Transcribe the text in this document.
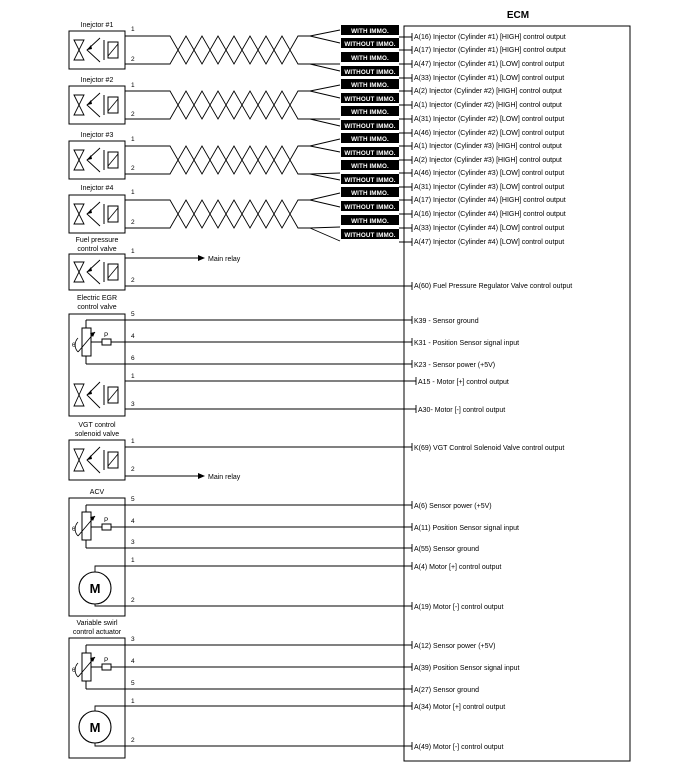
ECM
Inejctor #1
1
2
Inejctor #2
1
2
Inejctor #3
1
2
Inejctor #4
1
2
WITH IMMO.
WITHOUT IMMO.
WITH IMMO.
WITHOUT IMMO.
WITH IMMO.
WITHOUT IMMO.
WITH IMMO.
WITHOUT IMMO.
WITH IMMO.
WITHOUT IMMO.
WITH IMMO.
WITHOUT IMMO.
WITH IMMO.
WITHOUT IMMO.
WITH IMMO.
WITHOUT IMMO.
A(16) Injector (Cylinder #1) [HIGH] control output
A(17) Injector (Cylinder #1) [HIGH] control output
A(47) Injector (Cylinder #1) [LOW] control output
A(33) Injector (Cylinder #1) [LOW] control output
A(2) Injector (Cylinder #2) [HIGH] control output
A(1) Injector (Cylinder #2) [HIGH] control output
A(31) Injector (Cylinder #2) [LOW] control output
A(46) Injector (Cylinder #2) [LOW] control output
A(1) Injector (Cylinder #3) [HIGH] control output
A(2) Injector (Cylinder #3) [HIGH] control output
A(46) Injector (Cylinder #3) [LOW] control output
A(31) Injector (Cylinder #3) [LOW] control output
A(17) Injector (Cylinder #4) [HIGH] control output
A(16) Injector (Cylinder #4) [HIGH] control output
A(33) Injector (Cylinder #4) [LOW] control output
A(47) Injector (Cylinder #4) [LOW] control output
Fuel pressure
control valve 1
2
Main relay
A(60) Fuel Pressure Regulator Valve control output
Electric EGR
control valve
θ
P
5
4
6
1
3
K39 - Sensor ground
K31 - Position Sensor signal input
K23 - Sensor power (+5V)
A15 - Motor [+] control output
A30- Motor [-] control output
VGT control
solenoid valve
1
2
Main relay
K(69) VGT Control Solenoid Valve control output
ACV
θ
P
M
5
4
3
1
2
A(6) Sensor power (+5V)
A(11) Position Sensor signal input
A(55) Sensor ground
A(4) Motor [+] control output
A(19) Motor [-] control output
Variable swirl
control actuator
θ
P
M
3
4
5
1
2
A(12) Sensor power (+5V)
A(39) Position Sensor signal input
A(27) Sensor ground
A(34) Motor [+] control output
A(49) Motor [-] control output
